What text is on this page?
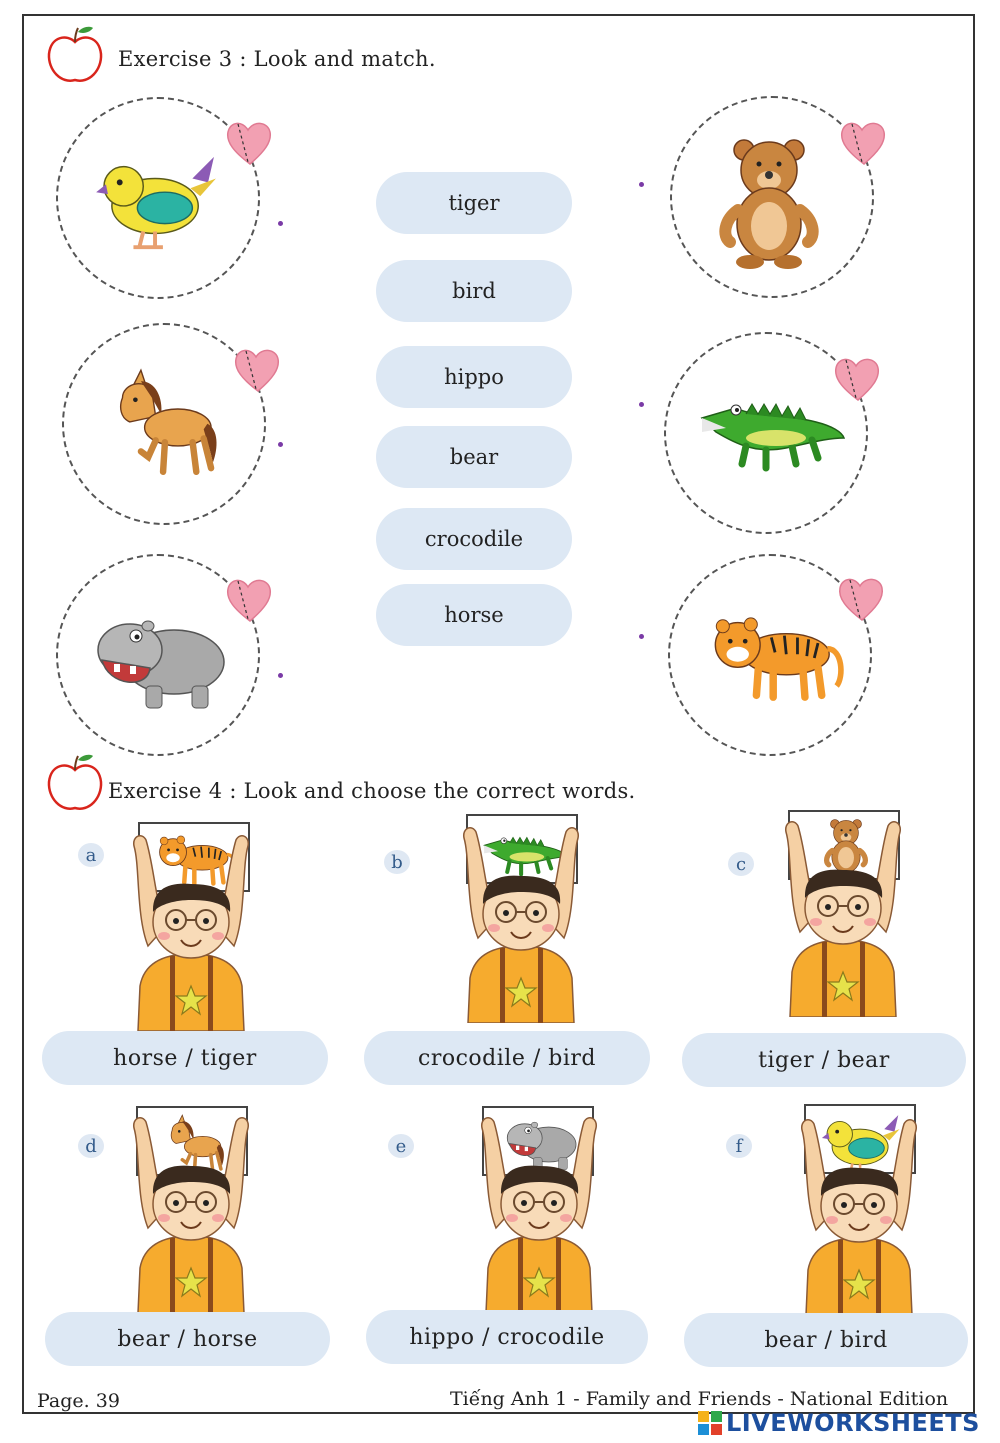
Exercise 3 : Look and match.
tiger
bird
hippo
bear
crocodile
horse
Exercise 4 : Look and choose the correct words.
a
horse / tiger
b
crocodile / bird
c
tiger / bear
d
bear / horse
e
hippo / crocodile
f
bear / bird
Page. 39	Tiếng Anh 1 - Family and Friends - National Edition
LIVEWORKSHEETS
